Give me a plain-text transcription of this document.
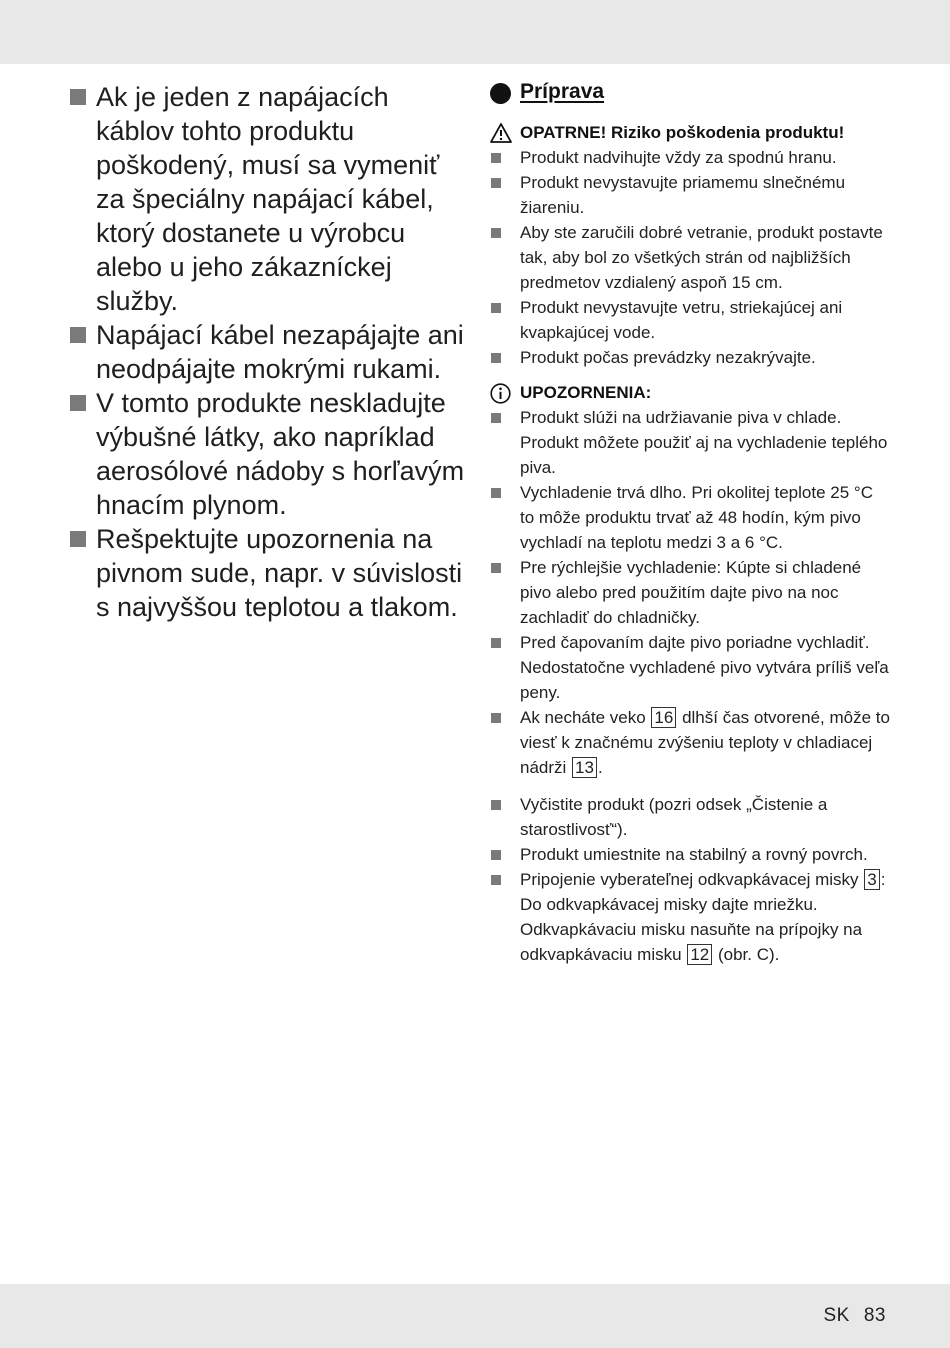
Ak je jeden z napájacích káblov tohto produktu poškodený, musí sa vymeniť za špeciálny napájací kábel, ktorý dostanete u výrobcu alebo u jeho zákazníckej služby.
Napájací kábel nezapájajte ani neodpájajte mokrými rukami.
V tomto produkte neskladujte výbušné látky, ako napríklad aerosólové nádoby s horľavým hnacím plynom.
Rešpektujte upozornenia na pivnom sude, napr. v súvislosti s najvyššou teplotou a tlakom.
Príprava
OPATRNE! Riziko poškodenia produktu!
Produkt nadvihujte vždy za spodnú hranu.
Produkt nevystavujte priamemu slnečnému žiareniu.
Aby ste zaručili dobré vetranie, produkt postavte tak, aby bol zo všetkých strán od najbližších predmetov vzdialený aspoň 15 cm.
Produkt nevystavujte vetru, striekajúcej ani kvapkajúcej vode.
Produkt počas prevádzky nezakrývajte.
UPOZORNENIA:
Produkt slúži na udržiavanie piva v chlade. Produkt môžete použiť aj na vychladenie teplého piva.
Vychladenie trvá dlho. Pri okolitej teplote 25 °C to môže produktu trvať až 48 hodín, kým pivo vychladí na teplotu medzi 3 a 6 °C.
Pre rýchlejšie vychladenie: Kúpte si chladené pivo alebo pred použitím dajte pivo na noc zachladiť do chladničky.
Pred čapovaním dajte pivo poriadne vychladiť. Nedostatočne vychladené pivo vytvára príliš veľa peny.
Ak necháte veko 16 dlhší čas otvorené, môže to viesť k značnému zvýšeniu teploty v chladiacej nádrži 13 .
Vyčistite produkt (pozri odsek „Čistenie a starostlivosť“).
Produkt umiestnite na stabilný a rovný povrch.
Pripojenie vyberateľnej odkvapkávacej misky 3 : Do odkvapkávacej misky dajte mriežku. Odkvapkávaciu misku nasuňte na prípojky na odkvapkávaciu misku 12 (obr. C).
SK 83
